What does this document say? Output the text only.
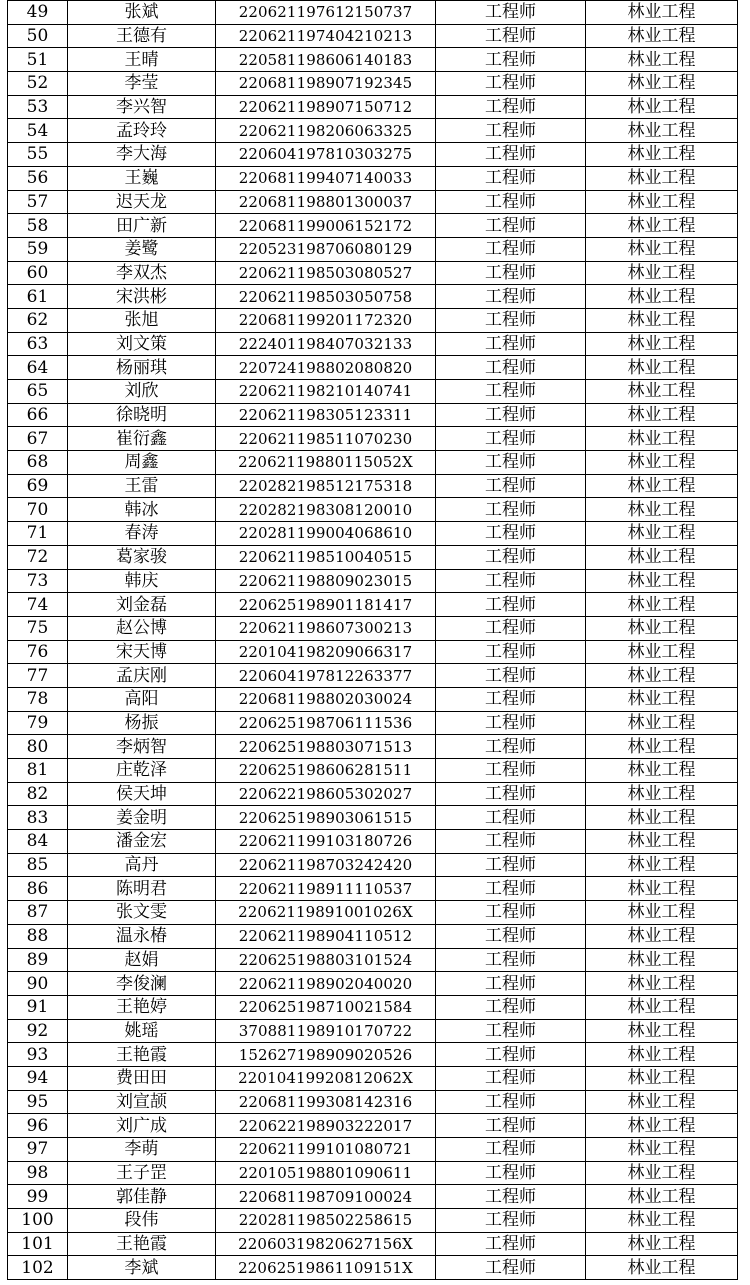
49	张斌	220621197612150737	工程师	林业工程
50	王德有	220621197404210213	工程师	林业工程
51	王晴	220581198606140183	工程师	林业工程
52	李莹	220681198907192345	工程师	林业工程
53	李兴智	220621198907150712	工程师	林业工程
54	孟玲玲	220621198206063325	工程师	林业工程
55	李大海	220604197810303275	工程师	林业工程
56	王巍	220681199407140033	工程师	林业工程
57	迟天龙	220681198801300037	工程师	林业工程
58	田广新	220681199006152172	工程师	林业工程
59	姜鹭	220523198706080129	工程师	林业工程
60	李双杰	220621198503080527	工程师	林业工程
61	宋洪彬	220621198503050758	工程师	林业工程
62	张旭	220681199201172320	工程师	林业工程
63	刘文策	222401198407032133	工程师	林业工程
64	杨丽琪	220724198802080820	工程师	林业工程
65	刘欣	220621198210140741	工程师	林业工程
66	徐晓明	220621198305123311	工程师	林业工程
67	崔衍鑫	220621198511070230	工程师	林业工程
68	周鑫	22062119880115052X	工程师	林业工程
69	王雷	220282198512175318	工程师	林业工程
70	韩冰	220282198308120010	工程师	林业工程
71	春涛	220281199004068610	工程师	林业工程
72	葛家骏	220621198510040515	工程师	林业工程
73	韩庆	220621198809023015	工程师	林业工程
74	刘金磊	220625198901181417	工程师	林业工程
75	赵公博	220621198607300213	工程师	林业工程
76	宋天博	220104198209066317	工程师	林业工程
77	孟庆刚	220604197812263377	工程师	林业工程
78	高阳	220681198802030024	工程师	林业工程
79	杨振	220625198706111536	工程师	林业工程
80	李炳智	220625198803071513	工程师	林业工程
81	庄乾泽	220625198606281511	工程师	林业工程
82	侯天坤	220622198605302027	工程师	林业工程
83	姜金明	220625198903061515	工程师	林业工程
84	潘金宏	220621199103180726	工程师	林业工程
85	高丹	220621198703242420	工程师	林业工程
86	陈明君	220621198911110537	工程师	林业工程
87	张文雯	22062119891001026X	工程师	林业工程
88	温永椿	220621198904110512	工程师	林业工程
89	赵娟	220625198803101524	工程师	林业工程
90	李俊澜	220621198902040020	工程师	林业工程
91	王艳婷	220625198710021584	工程师	林业工程
92	姚瑶	370881198910170722	工程师	林业工程
93	王艳霞	152627198909020526	工程师	林业工程
94	费田田	22010419920812062X	工程师	林业工程
95	刘宣颉	220681199308142316	工程师	林业工程
96	刘广成	220622198903222017	工程师	林业工程
97	李萌	220621199101080721	工程师	林业工程
98	王子罡	220105198801090611	工程师	林业工程
99	郭佳静	220681198709100024	工程师	林业工程
100	段伟	220281198502258615	工程师	林业工程
101	王艳霞	22060319820627156X	工程师	林业工程
102	李斌	22062519861109151X	工程师	林业工程
